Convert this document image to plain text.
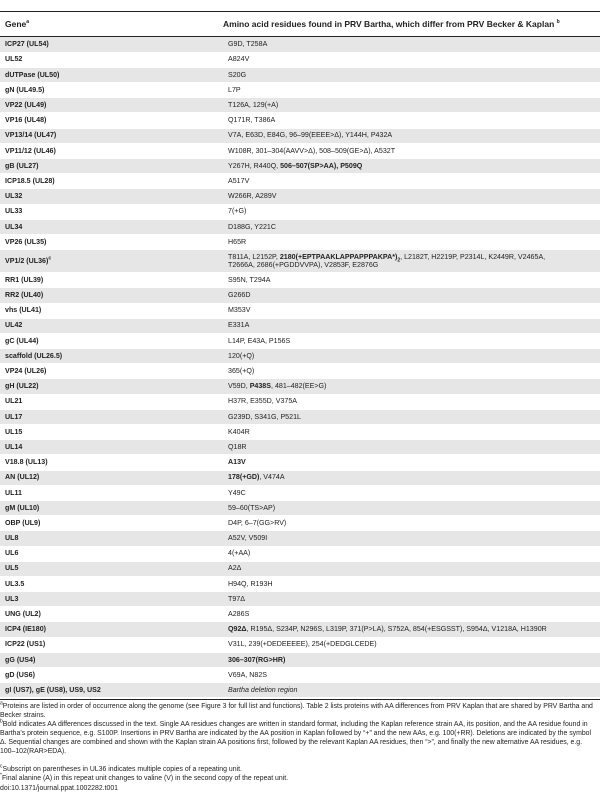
Gene$^a$	Amino acid residues found in PRV Bartha, which differ from PRV Becker & Kaplan $^b$
ICP27 (UL54)	G9D, T258A
UL52	A824V
dUTPase (UL50)	S20G
gN (UL49.5)	L7P
VP22 (UL49)	T126A, 129(+A)
VP16 (UL48)	Q171R, T386A
VP13/14 (UL47)	V7A, E63D, E84G, 96–99(EEEE>Δ), Y144H, P432A
VP11/12 (UL46)	W108R, 301–304(AAVV>Δ), 508–509(GE>Δ), A532T
gB (UL27)	Y267H, R440Q, 506–507(SP>AA), P509Q
ICP18.5 (UL28)	A517V
UL32	W266R, A289V
UL33	7(+G)
UL34	D188G, Y221C
VP26 (UL35)	H65R
VP1/2 $(UL36)^c$	T811A, L2152P, $2180(+EPTPAAKLAPPAPPPAKPA*)_2$, L2182T, H2219P, P2314L, K2449R, V2465A,
T2666A, 2686(+PGDDVVPA), V2853F, E2876G
RR1 (UL39)	S95N, T294A
RR2 (UL40)	G266D
vhs (UL41)	M353V
UL42	E331A
gC (UL44)	L14P, E43A, P156S
scaffold (UL26.5)	120(+Q)
VP24 (UL26)	365(+Q)
gH (UL22)	V59D, P438S, 481–482(EE>G)
UL21	H37R, E355D, V375A
UL17	G239D, S341G, P521L
UL15	K404R
UL14	Q18R
V18.8 (UL13)	A13V
AN (UL12)	178(+GD), V474A
UL11	Y49C
gM (UL10)	59–60(TS>AP)
OBP (UL9)	D4P, 6–7(GG>RV)
UL8	A52V, V509I
UL6	4(+AA)
UL5	A2Δ
UL3.5	H94Q, R193H
UL3	T97Δ
UNG (UL2)	A286S
ICP4 (IE180)	Q92Δ, R195Δ, S234P, N296S, L319P, 371(P>LA), S752A, 854(+ESGSST), S954Δ, V1218A, H1390R
ICP22 (US1)	V31L, 239(+DEDEEEEE), 254(+DEDGLCEDE)
gG (US4)	306–307(RG>HR)
gD (US6)	V69A, N82S
gI (US7), gE (US8), US9, US2	Bartha deletion region
$^a$Proteins are listed in order of occurrence along the genome (see Figure 3 for full list and functions). Table 2 lists proteins with AA differences from PRV Kaplan that are shared by PRV Bartha and Becker strains.
$^b$Bold indicates AA differences discussed in the text. Single AA residues changes are written in standard format, including the Kaplan reference strain AA, its position, and the AA residue found in Bartha’s protein sequence, e.g. S100P. Insertions in PRV Bartha are indicated by the AA position in Kaplan followed by “+” and the new AAs, e.g. 100(+RR). Deletions are indicated by the symbol Δ. Sequential changes are combined and shown with the Kaplan strain AA positions first, followed by the relevant Kaplan AA residues, then “>”, and finally the new alternative AA residues, e.g. 100–102(RAR>EDA).
$^c$Subscript on parentheses in UL36 indicates multiple copies of a repeating unit.
*Final alanine (A) in this repeat unit changes to valine (V) in the second copy of the repeat unit.
doi:10.1371/journal.ppat.1002282.t001
